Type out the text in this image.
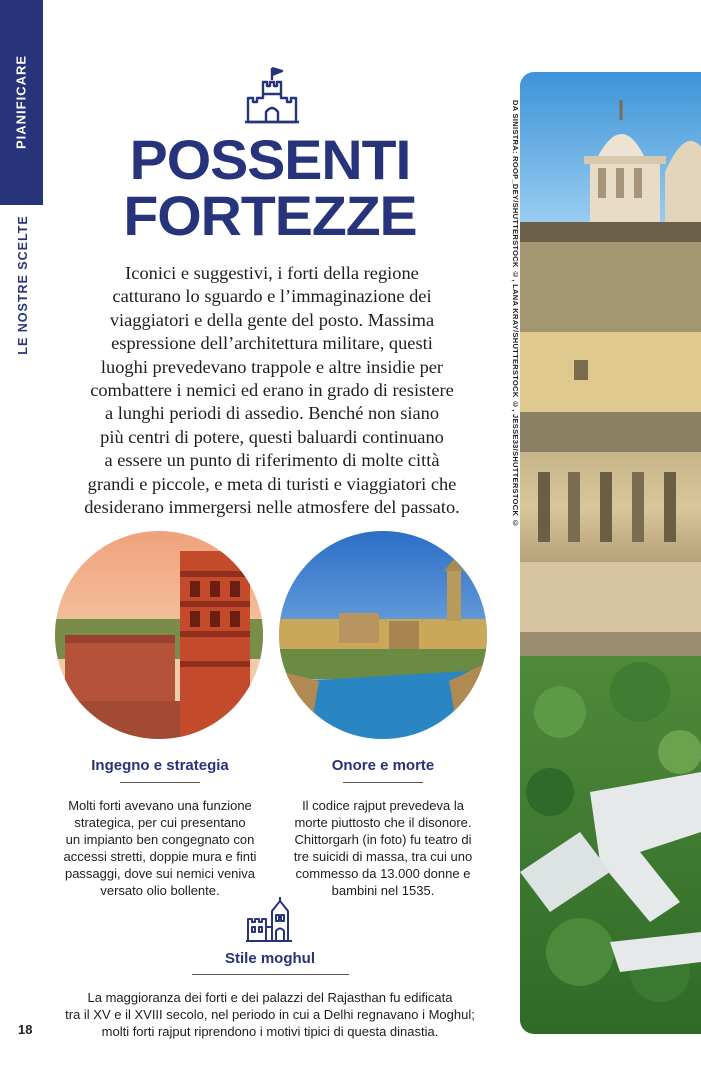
PIANIFICARE
LE NOSTRE SCELTE
POSSENTI
FORTEZZE
Iconici e suggestivi, i forti della regione
catturano lo sguardo e l’immaginazione dei
viaggiatori e della gente del posto. Massima
espressione dell’architettura militare, questi
luoghi prevedevano trappole e altre insidie per
combattere i nemici ed erano in grado di resistere
a lunghi periodi di assedio. Benché non siano
più centri di potere, questi baluardi continuano
a essere un punto di riferimento di molte città
grandi e piccole, e meta di turisti e viaggiatori che
desiderano immergersi nelle atmosfere del passato.	DA SINISTRA: ROOP_DEY/SHUTTERSTOCK ©, LANA KRAY/SHUTTERSTOCK ©, JESSE33/SHUTTERSTOCK ©
Ingegno e strategia
Molti forti avevano una funzione
strategica, per cui presentano
un impianto ben congegnato con
accessi stretti, doppie mura e finti
passaggi, dove sui nemici veniva
versato olio bollente.
Onore e morte
Il codice rajput prevedeva la
morte piuttosto che il disonore.
Chittorgarh (in foto) fu teatro di
tre suicidi di massa, tra cui uno
commesso da 13.000 donne e
bambini nel 1535.
Stile moghul
La maggioranza dei forti e dei palazzi del Rajasthan fu edificata
tra il XV e il XVIII secolo, nel periodo in cui a Delhi regnavano i Moghul;
molti forti rajput riprendono i motivi tipici di questa dinastia.
18
